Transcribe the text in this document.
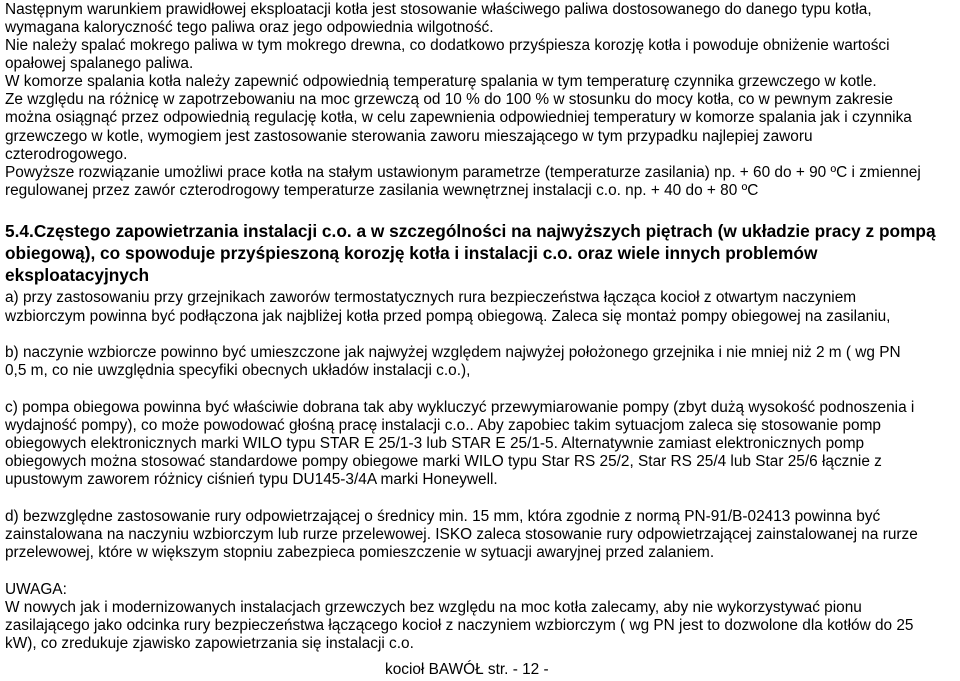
Następnym warunkiem prawidłowej eksploatacji kotła jest stosowanie właściwego paliwa dostosowanego do danego typu kotła,
wymagana kaloryczność tego paliwa oraz jego odpowiednia wilgotność.
Nie należy spalać mokrego paliwa w tym mokrego drewna, co dodatkowo przyśpiesza korozję kotła i powoduje obniżenie wartości
opałowej spalanego paliwa.
W komorze spalania kotła należy zapewnić odpowiednią temperaturę spalania w tym temperaturę czynnika grzewczego w kotle.
Ze względu na różnicę w zapotrzebowaniu na moc grzewczą od 10 % do 100 % w stosunku do mocy kotła, co w pewnym zakresie
można osiągnąć przez odpowiednią regulację kotła, w celu zapewnienia odpowiedniej temperatury w komorze spalania jak i czynnika
grzewczego w kotle, wymogiem jest zastosowanie sterowania zaworu mieszającego w tym przypadku najlepiej zaworu
czterodrogowego.
Powyższe rozwiązanie umożliwi prace kotła na stałym ustawionym parametrze (temperaturze zasilania) np. + 60 do + 90 ºC i zmiennej
regulowanej przez zawór czterodrogowy temperaturze zasilania wewnętrznej instalacji c.o. np. + 40 do + 80 ºC
5.4.Częstego zapowietrzania instalacji c.o. a w szczególności na najwyższych piętrach (w układzie pracy z pompą
obiegową), co spowoduje przyśpieszoną korozję kotła i instalacji c.o. oraz wiele innych problemów
eksploatacyjnych
a) przy zastosowaniu przy grzejnikach zaworów termostatycznych rura bezpieczeństwa łącząca kocioł z otwartym naczyniem
wzbiorczym powinna być podłączona jak najbliżej kotła przed pompą obiegową. Zaleca się montaż pompy obiegowej na zasilaniu,
b) naczynie wzbiorcze powinno być umieszczone jak najwyżej względem najwyżej położonego grzejnika i nie mniej niż 2 m ( wg PN
0,5 m, co nie uwzględnia specyfiki obecnych układów instalacji c.o.),
c) pompa obiegowa powinna być właściwie dobrana tak aby wykluczyć przewymiarowanie pompy (zbyt dużą wysokość podnoszenia i
wydajność pompy), co może powodować głośną pracę instalacji c.o.. Aby zapobiec takim sytuacjom zaleca się stosowanie pomp
obiegowych elektronicznych marki WILO typu STAR E 25/1-3 lub STAR E 25/1-5. Alternatywnie zamiast elektronicznych pomp
obiegowych można stosować standardowe pompy obiegowe marki WILO typu Star RS 25/2, Star RS 25/4 lub Star 25/6 łącznie z
upustowym zaworem różnicy ciśnień typu DU145-3/4A marki Honeywell.
d) bezwzględne zastosowanie rury odpowietrzającej o średnicy min. 15 mm, która zgodnie z normą PN-91/B-02413 powinna być
zainstalowana na naczyniu wzbiorczym lub rurze przelewowej. ISKO zaleca stosowanie rury odpowietrzającej zainstalowanej na rurze
przelewowej, które w większym stopniu zabezpieca pomieszczenie w sytuacji awaryjnej przed zalaniem.
UWAGA:
W nowych jak i modernizowanych instalacjach grzewczych bez względu na moc kotła zalecamy, aby nie wykorzystywać pionu
zasilającego jako odcinka rury bezpieczeństwa łączącego kocioł z naczyniem wzbiorczym ( wg PN jest to dozwolone dla kotłów do 25
kW), co zredukuje zjawisko zapowietrzania się instalacji c.o.
kocioł BAWÓŁ str. - 12 -
